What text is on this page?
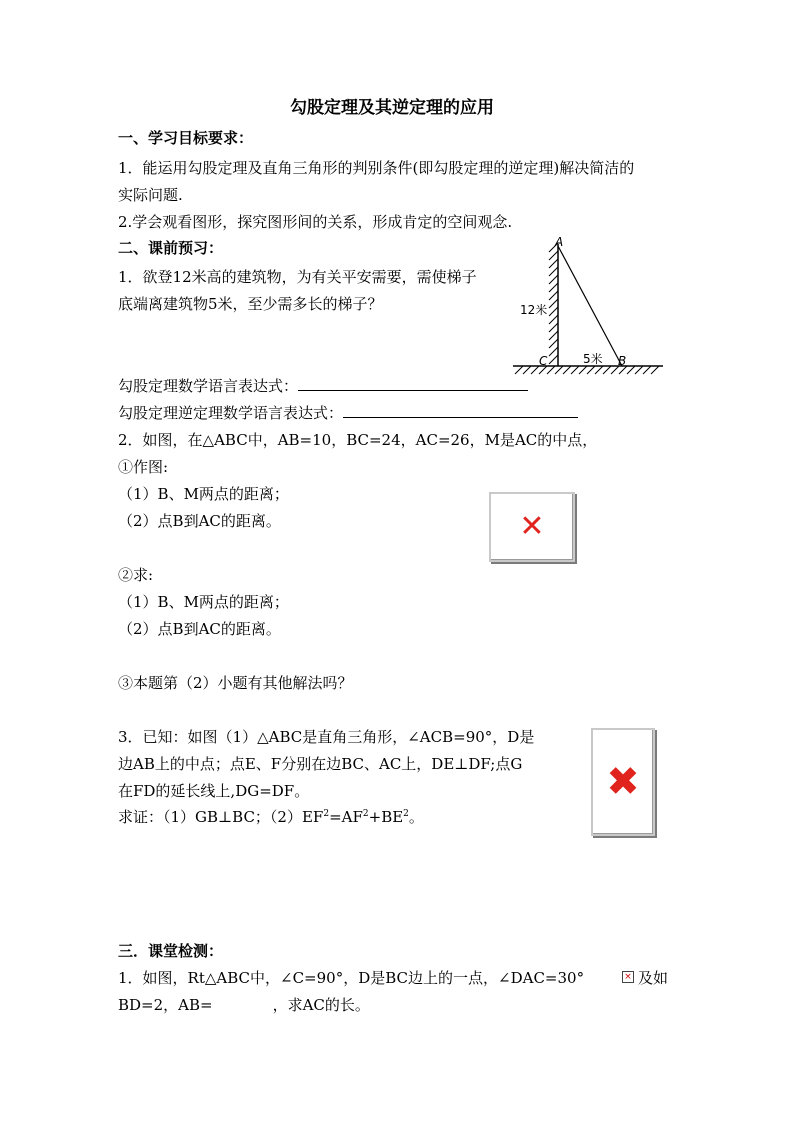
勾股定理及其逆定理的应用
一、学习目标要求：
1．能运用勾股定理及直角三角形的判别条件(即勾股定理的逆定理)解决简洁的
实际问题.
2.学会观看图形，探究图形间的关系，形成肯定的空间观念.
二、课前预习：
1．欲登12米高的建筑物，为有关平安需要，需使梯子
底端离建筑物5米，至少需多长的梯子？
A
C	B
12米
5米
勾股定理数学语言表达式：
勾股定理逆定理数学语言表达式：
2．如图，在△ABC中，AB=10，BC=24，AC=26，M是AC的中点，
①作图:
（1）B、M两点的距离；
（2）点B到AC的距离。	✕
②求:
（1）B、M两点的距离；
（2）点B到AC的距离。
③本题第（2）小题有其他解法吗？
3．已知：如图（1）△ABC是直角三角形，∠ACB=90°，D是
边AB上的中点；点E、F分别在边BC、AC上，DE⊥DF;点G
在FD的延长线上,DG=DF。
求证：（1）GB⊥BC；$(2)EF^2=AF^2+BE^2$。
✖
三．课堂检测：
1．如图，Rt△ABC中，∠C=90°，D是BC边上的一点，∠DAC=30°	× 及如
BD=2，AB=	，求AC的长。
